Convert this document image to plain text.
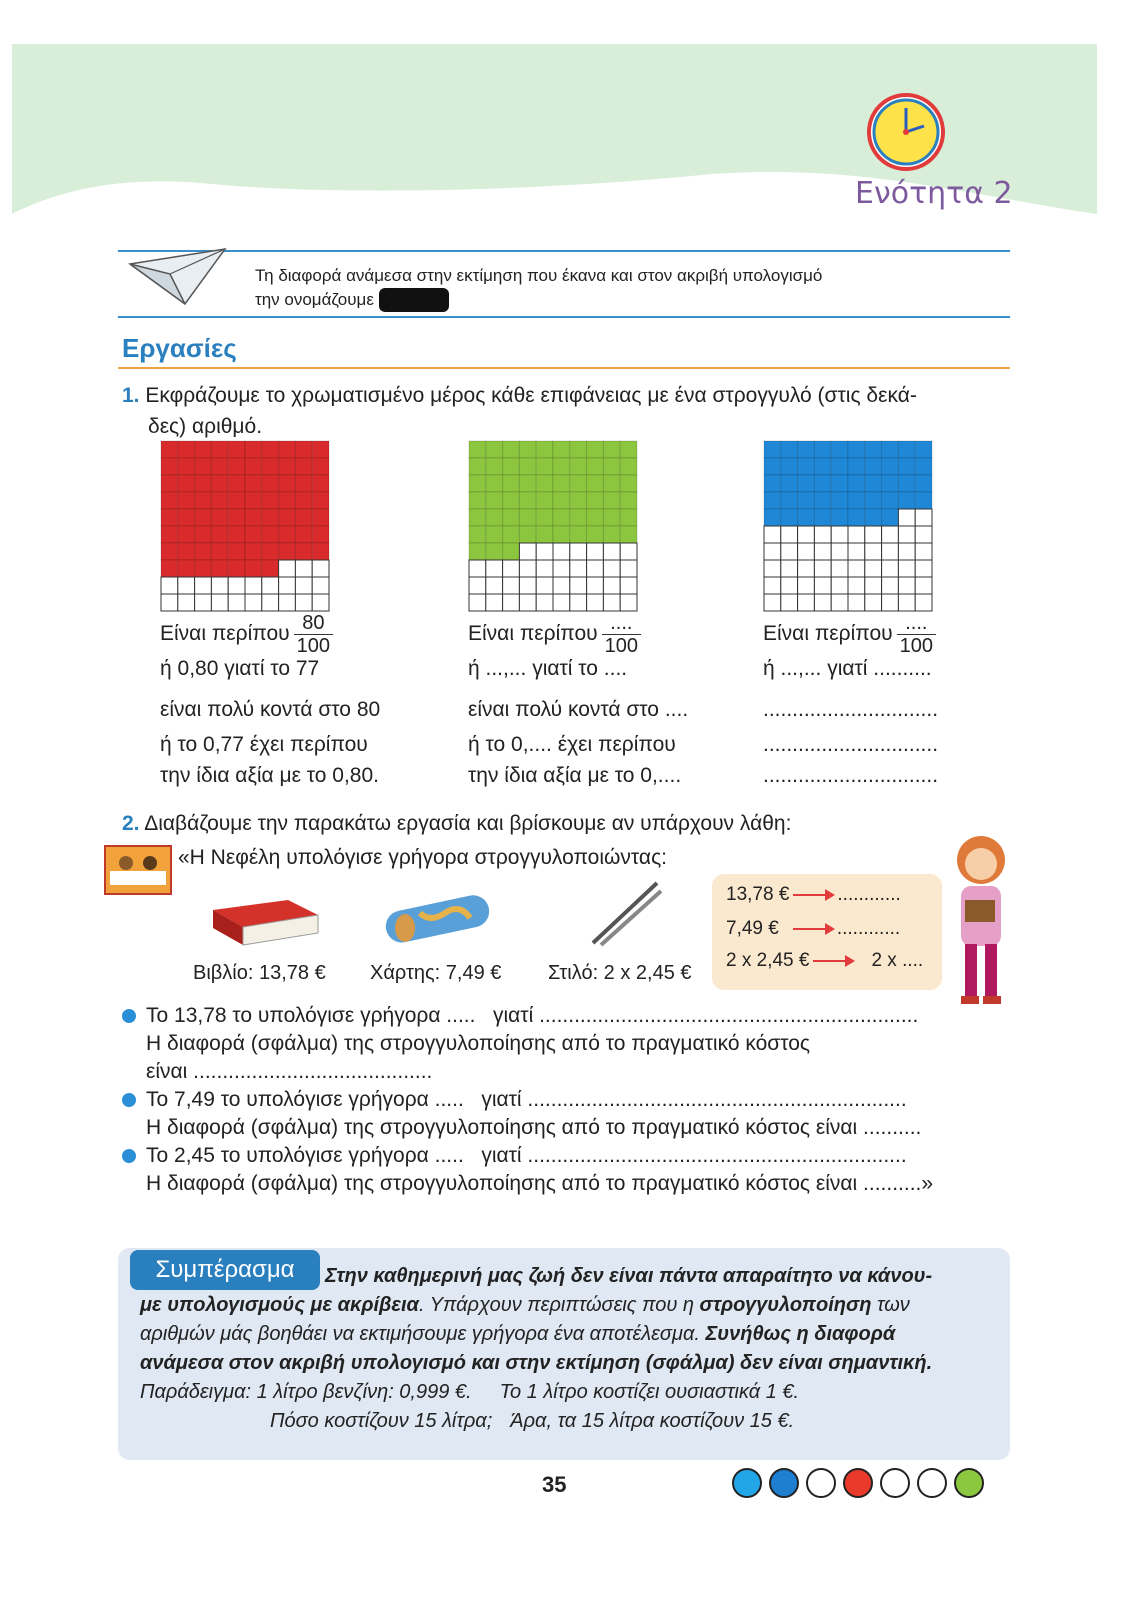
Ενότητα 2
Τη διαφορά ανάμεσα στην εκτίμηση που έκανα και στον ακριβή υπολογισμό
την ονομάζουμε σφάλμα
Εργασίες
1. Εκφράζουμε το χρωματισμένο μέρος κάθε επιφάνειας με ένα στρογγυλό (στις δεκά-
δες) αριθμό.
Είναι περίπου $\frac{80}{100}$
ή 0,80 γιατί το 77
είναι πολύ κοντά στο 80
ή το 0,77 έχει περίπου
την ίδια αξία με το 0,80.
Είναι περίπου $\frac{....}{100}$
ή ...,... γιατί το ....
είναι πολύ κοντά στο ....
ή το 0,.... έχει περίπου
την ίδια αξία με το 0,....
Είναι περίπου $\frac{....}{100}$
ή ...,... γιατί ..........
..............................
..............................
..............................
2. Διαβάζουμε την παρακάτω εργασία και βρίσκουμε αν υπάρχουν λάθη:
«Η Νεφέλη υπολόγισε γρήγορα στρογγυλοποιώντας:
13,78 €	............
7,49 €	............
2 x 2,45 €	2 x ....
Βιβλίο: 13,78 € Χάρτης: 7,49 € Στιλό: 2 x 2,45 €
Το 13,78 το υπολόγισε γρήγορα ..... γιατί .................................................................
Η διαφορά (σφάλμα) της στρογγυλοποίησης από το πραγματικό κόστος
είναι .........................................
Το 7,49 το υπολόγισε γρήγορα ..... γιατί .................................................................
Η διαφορά (σφάλμα) της στρογγυλοποίησης από το πραγματικό κόστος είναι ..........
Το 2,45 το υπολόγισε γρήγορα ..... γιατί .................................................................
Η διαφορά (σφάλμα) της στρογγυλοποίησης από το πραγματικό κόστος είναι ..........»
Συμπέρασμα	Στην καθημερινή μας ζωή δεν είναι πάντα απαραίτητο να κάνου-
με υπολογισμούς με ακρίβεια. Υπάρχουν περιπτώσεις που η στρογγυλοποίηση των
αριθμών μάς βοηθάει να εκτιμήσουμε γρήγορα ένα αποτέλεσμα. Συνήθως η διαφορά
ανάμεσα στον ακριβή υπολογισμό και στην εκτίμηση (σφάλμα) δεν είναι σημαντική.
Παράδειγμα: 1 λίτρο βενζίνη: 0,999 €. Το 1 λίτρο κοστίζει ουσιαστικά 1 €.
Πόσο κοστίζουν 15 λίτρα; Άρα, τα 15 λίτρα κοστίζουν 15 €.
35
